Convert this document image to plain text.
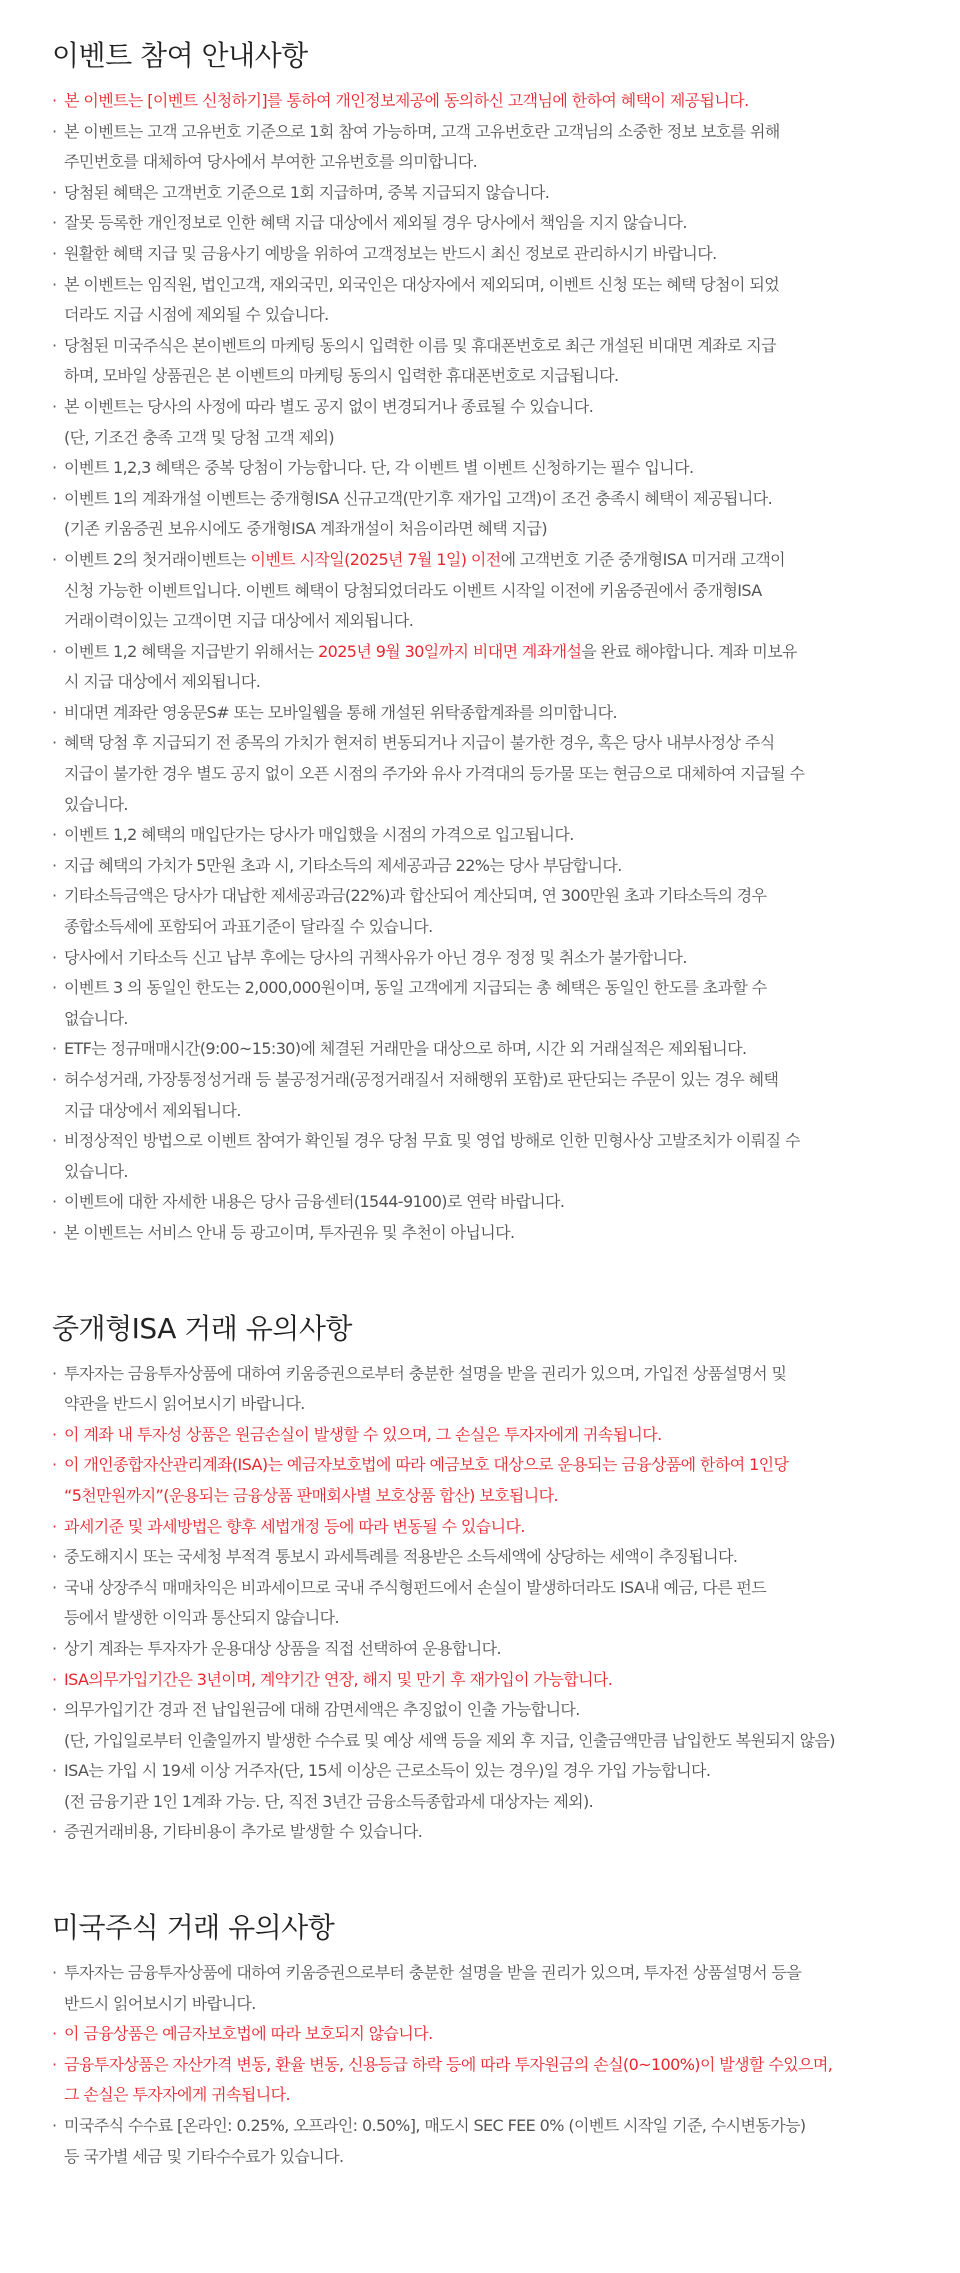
이벤트 참여 안내사항
· 본 이벤트는 [이벤트 신청하기]를 통하여 개인정보제공에 동의하신 고객님에 한하여 혜택이 제공됩니다.
· 본 이벤트는 고객 고유번호 기준으로 1회 참여 가능하며, 고객 고유번호란 고객님의 소중한 정보 보호를 위해
주민번호를 대체하여 당사에서 부여한 고유번호를 의미합니다.
· 당첨된 혜택은 고객번호 기준으로 1회 지급하며, 중복 지급되지 않습니다.
· 잘못 등록한 개인정보로 인한 혜택 지급 대상에서 제외될 경우 당사에서 책임을 지지 않습니다.
· 원활한 혜택 지급 및 금융사기 예방을 위하여 고객정보는 반드시 최신 정보로 관리하시기 바랍니다.
· 본 이벤트는 임직원, 법인고객, 재외국민, 외국인은 대상자에서 제외되며, 이벤트 신청 또는 혜택 당첨이 되었
더라도 지급 시점에 제외될 수 있습니다.
· 당첨된 미국주식은 본이벤트의 마케팅 동의시 입력한 이름 및 휴대폰번호로 최근 개설된 비대면 계좌로 지급
하며, 모바일 상품권은 본 이벤트의 마케팅 동의시 입력한 휴대폰번호로 지급됩니다.
· 본 이벤트는 당사의 사정에 따라 별도 공지 없이 변경되거나 종료될 수 있습니다.
(단, 기조건 충족 고객 및 당첨 고객 제외)
· 이벤트 1,2,3 혜택은 중복 당첨이 가능합니다. 단, 각 이벤트 별 이벤트 신청하기는 필수 입니다.
· 이벤트 1의 계좌개설 이벤트는 중개형ISA 신규고객(만기후 재가입 고객)이 조건 충족시 혜택이 제공됩니다.
(기존 키움증권 보유시에도 중개형ISA 계좌개설이 처음이라면 혜택 지급)
· 이벤트 2의 첫거래이벤트는 이벤트 시작일(2025년 7월 1일) 이전에 고객번호 기준 중개형ISA 미거래 고객이
신청 가능한 이벤트입니다. 이벤트 혜택이 당첨되었더라도 이벤트 시작일 이전에 키움증권에서 중개형ISA
거래이력이있는 고객이면 지급 대상에서 제외됩니다.
· 이벤트 1,2 혜택을 지급받기 위해서는 2025년 9월 30일까지 비대면 계좌개설을 완료 해야합니다. 계좌 미보유
시 지급 대상에서 제외됩니다.
· 비대면 계좌란 영웅문S# 또는 모바일웹을 통해 개설된 위탁종합계좌를 의미합니다.
· 혜택 당첨 후 지급되기 전 종목의 가치가 현저히 변동되거나 지급이 불가한 경우, 혹은 당사 내부사정상 주식
지급이 불가한 경우 별도 공지 없이 오픈 시점의 주가와 유사 가격대의 등가물 또는 현금으로 대체하여 지급될 수
있습니다.
· 이벤트 1,2 혜택의 매입단가는 당사가 매입했을 시점의 가격으로 입고됩니다.
· 지급 혜택의 가치가 5만원 초과 시, 기타소득의 제세공과금 22%는 당사 부담합니다.
· 기타소득금액은 당사가 대납한 제세공과금(22%)과 합산되어 계산되며, 연 300만원 초과 기타소득의 경우
종합소득세에 포함되어 과표기준이 달라질 수 있습니다.
· 당사에서 기타소득 신고 납부 후에는 당사의 귀책사유가 아닌 경우 정정 및 취소가 불가합니다.
· 이벤트 3 의 동일인 한도는 2,000,000원이며, 동일 고객에게 지급되는 총 혜택은 동일인 한도를 초과할 수
없습니다.
· ETF는 정규매매시간(9:00~15:30)에 체결된 거래만을 대상으로 하며, 시간 외 거래실적은 제외됩니다.
· 허수성거래, 가장통정성거래 등 불공정거래(공정거래질서 저해행위 포함)로 판단되는 주문이 있는 경우 혜택
지급 대상에서 제외됩니다.
· 비정상적인 방법으로 이벤트 참여가 확인될 경우 당첨 무효 및 영업 방해로 인한 민형사상 고발조치가 이뤄질 수
있습니다.
· 이벤트에 대한 자세한 내용은 당사 금융센터(1544-9100)로 연락 바랍니다.
· 본 이벤트는 서비스 안내 등 광고이며, 투자권유 및 추천이 아닙니다.
중개형ISA 거래 유의사항
· 투자자는 금융투자상품에 대하여 키움증권으로부터 충분한 설명을 받을 권리가 있으며, 가입전 상품설명서 및
약관을 반드시 읽어보시기 바랍니다.
· 이 계좌 내 투자성 상품은 원금손실이 발생할 수 있으며, 그 손실은 투자자에게 귀속됩니다.
· 이 개인종합자산관리계좌(ISA)는 예금자보호법에 따라 예금보호 대상으로 운용되는 금융상품에 한하여 1인당
“5천만원까지”(운용되는 금융상품 판매회사별 보호상품 합산) 보호됩니다.
· 과세기준 및 과세방법은 향후 세법개정 등에 따라 변동될 수 있습니다.
· 중도해지시 또는 국세청 부적격 통보시 과세특례를 적용받은 소득세액에 상당하는 세액이 추징됩니다.
· 국내 상장주식 매매차익은 비과세이므로 국내 주식형펀드에서 손실이 발생하더라도 ISA내 예금, 다른 펀드
등에서 발생한 이익과 통산되지 않습니다.
· 상기 계좌는 투자자가 운용대상 상품을 직접 선택하여 운용합니다.
· ISA의무가입기간은 3년이며, 계약기간 연장, 해지 및 만기 후 재가입이 가능합니다.
· 의무가입기간 경과 전 납입원금에 대해 감면세액은 추징없이 인출 가능합니다.
(단, 가입일로부터 인출일까지 발생한 수수료 및 예상 세액 등을 제외 후 지급, 인출금액만큼 납입한도 복원되지 않음)
· ISA는 가입 시 19세 이상 거주자(단, 15세 이상은 근로소득이 있는 경우)일 경우 가입 가능합니다.
(전 금융기관 1인 1계좌 가능. 단, 직전 3년간 금융소득종합과세 대상자는 제외).
· 증권거래비용, 기타비용이 추가로 발생할 수 있습니다.
미국주식 거래 유의사항
· 투자자는 금융투자상품에 대하여 키움증권으로부터 충분한 설명을 받을 권리가 있으며, 투자전 상품설명서 등을
반드시 읽어보시기 바랍니다.
· 이 금융상품은 예금자보호법에 따라 보호되지 않습니다.
· 금융투자상품은 자산가격 변동, 환율 변동, 신용등급 하락 등에 따라 투자원금의 손실(0~100%)이 발생할 수있으며,
그 손실은 투자자에게 귀속됩니다.
· 미국주식 수수료 [온라인: 0.25%, 오프라인: 0.50%], 매도시 SEC FEE 0% (이벤트 시작일 기준, 수시변동가능)
등 국가별 세금 및 기타수수료가 있습니다.
